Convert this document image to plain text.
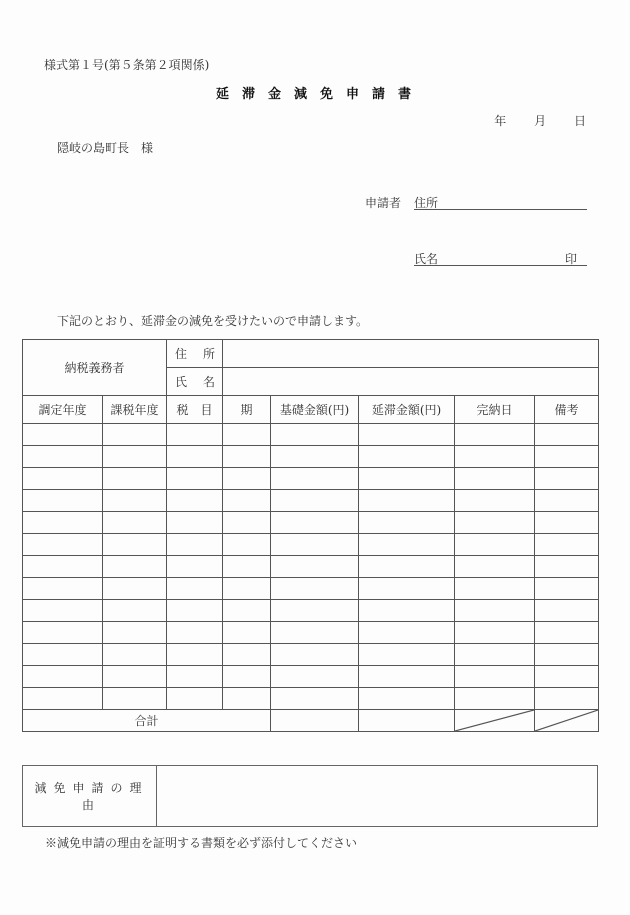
様式第１号(第５条第２項関係)
延滞金減免申請書
年 月 日
隠岐の島町長　様
申請者 住所
氏名	印
下記のとおり、延滞金の減免を受けたいので申請します。
納税義務者		住 所					

		氏 名					

調定年度	課税年度	税　目	期	基礎金額(円)	延滞金額(円)	完納日	備考

合計			

減免申請の理由	
※減免申請の理由を証明する書類を必ず添付してください
